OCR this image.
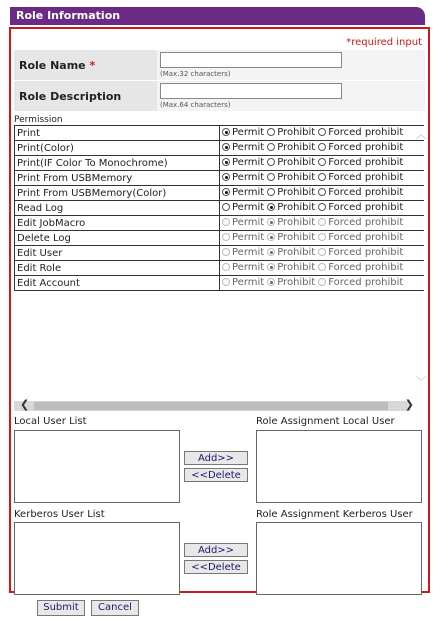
Role Information
*required input
Role Name
*
(Max.32 characters)
Role Description
(Max.64 characters)
Permission
Print	Permit Prohibit Forced prohibit

Print(Color)	Permit Prohibit Forced prohibit

Print(IF Color To Monochrome)	Permit Prohibit Forced prohibit

Print From USBMemory	Permit Prohibit Forced prohibit

Print From USBMemory(Color)	Permit Prohibit Forced prohibit

Read Log	Permit Prohibit Forced prohibit

Edit JobMacro	Permit Prohibit Forced prohibit

Delete Log	Permit Prohibit Forced prohibit

Edit User	Permit Prohibit Forced prohibit

Edit Role	Permit Prohibit Forced prohibit

Edit Account	Permit Prohibit Forced prohibit
︿
﹀
❮	❯
Local User List
Add>>
<<Delete
Role Assignment Local User
Kerberos User List
Add>>
<<Delete
Role Assignment Kerberos User
Submit	Cancel
